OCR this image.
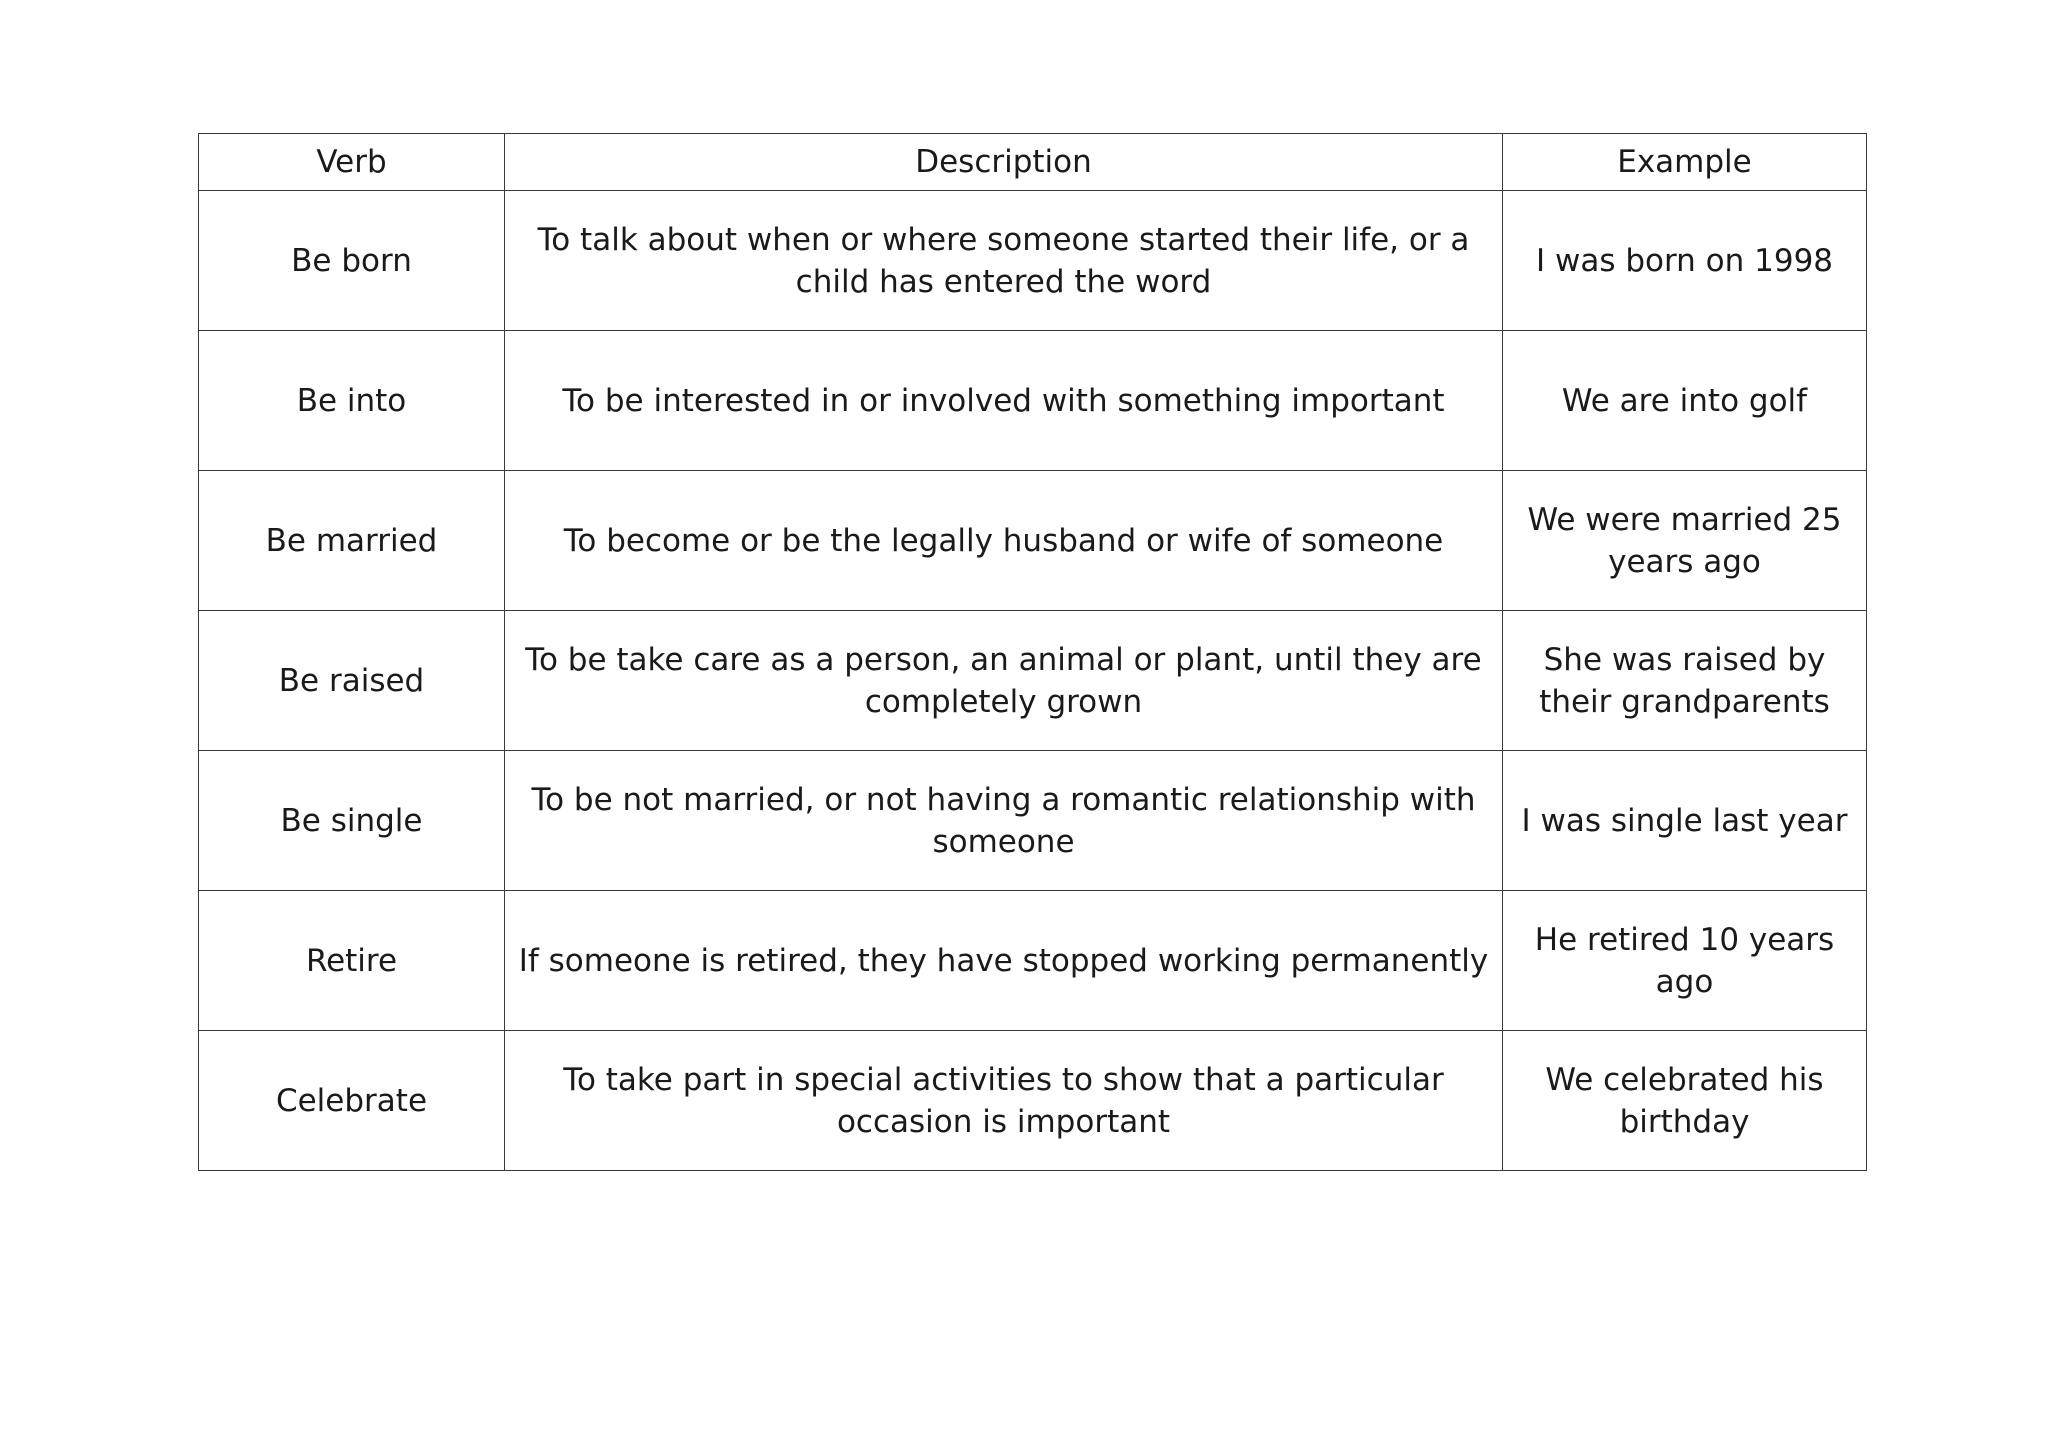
Verb	Description	Example
Be born	To talk about when or where someone started their life, or a child has entered the word	I was born on 1998
Be into	To be interested in or involved with something important	We are into golf
Be married	To become or be the legally husband or wife of someone	We were married 25 years ago
Be raised	To be take care as a person, an animal or plant, until they are completely grown	She was raised by their grandparents
Be single	To be not married, or not having a romantic relationship with someone	I was single last year
Retire	If someone is retired, they have stopped working permanently	He retired 10 years ago
Celebrate	To take part in special activities to show that a particular occasion is important	We celebrated his birthday
